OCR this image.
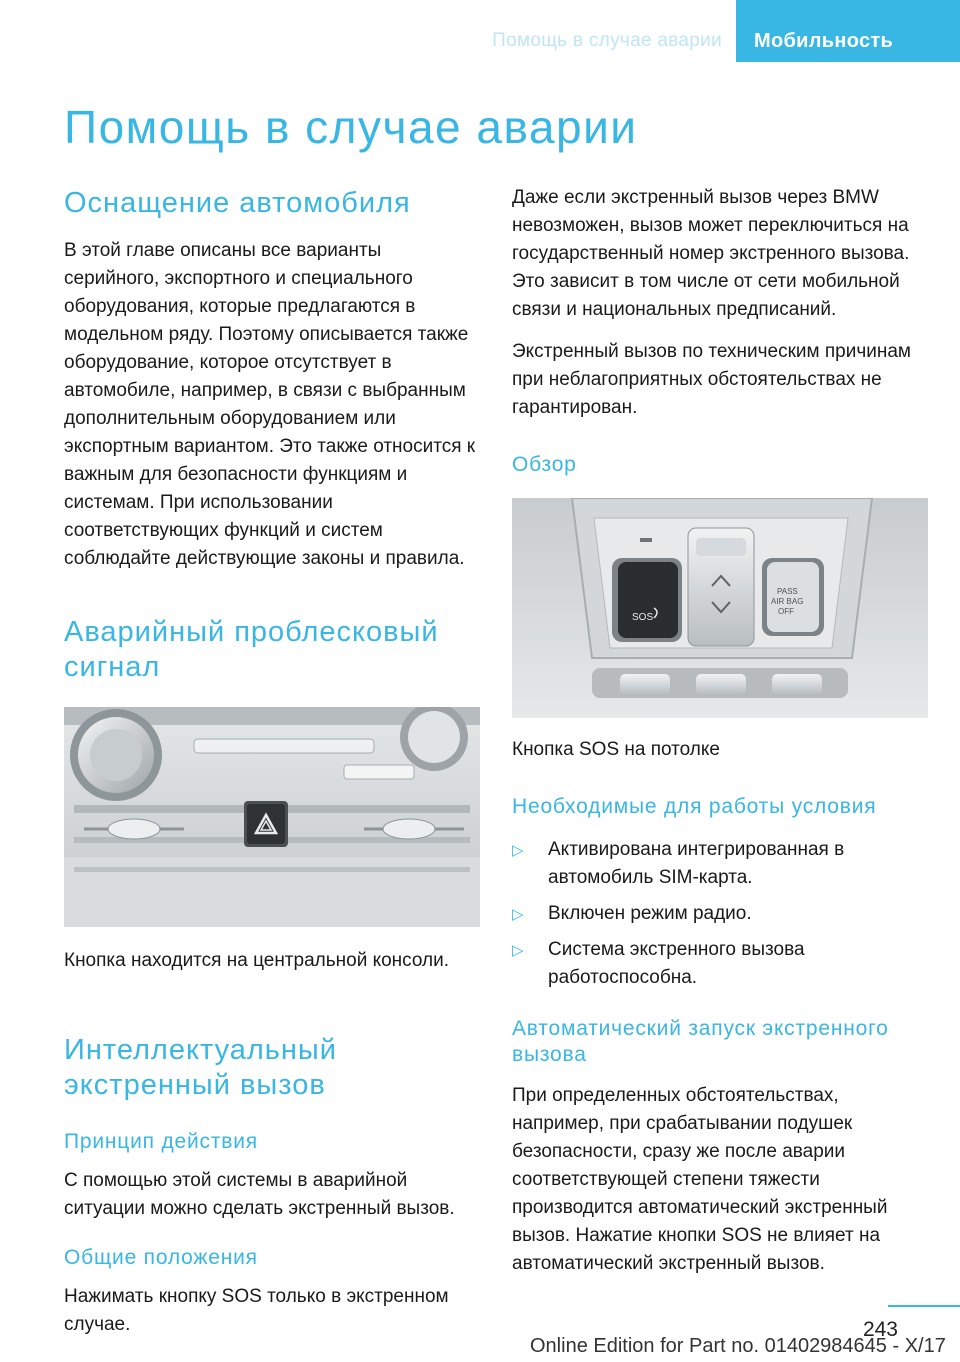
Помощь в случае аварии	Мобильность
Помощь в случае аварии
Оснащение автомобиля

В этой главе описаны все варианты серийного, экспортного и специального оборудования, которые предлагаются в модельном ряду. Поэтому описывается также оборудование, которое отсутствует в автомобиле, например, в связи с выбранным дополнительным оборудованием или экспортным вариантом. Это также относится к важным для безопасности функциям и системам. При использовании соответствующих функций и систем соблюдайте действующие законы и правила.

Аварийный проблесковый сигнал

Кнопка находится на центральной консоли.

Интеллектуальный экстренный вызов
Принцип действия

С помощью этой системы в аварийной ситуации можно сделать экстренный вызов.

Общие положения

Нажимать кнопку SOS только в экстренном случае.

Даже если экстренный вызов через BMW невозможен, вызов может переключиться на государственный номер экстренного вызова. Это зависит в том числе от сети мобильной связи и национальных предписаний.

Экстренный вызов по техническим причинам при неблагоприятных обстоятельствах не гарантирован.

Обзор
SOS
PASS
AIR BAG
OFF

Кнопка SOS на потолке

Необходимые для работы условия
▷ Активирована интегрированная в автомобиль SIM-карта.
▷ Включен режим радио.
▷ Система экстренного вызова работоспособна.
Автоматический запуск экстренного вызова

При определенных обстоятельствах, например, при срабатывании подушек безопасности, сразу же после аварии соответствующей степени тяжести производится автоматический экстренный вызов. Нажатие кнопки SOS не влияет на автоматический экстренный вызов.

243
Online Edition for Part no. 01402984645 - X/17
